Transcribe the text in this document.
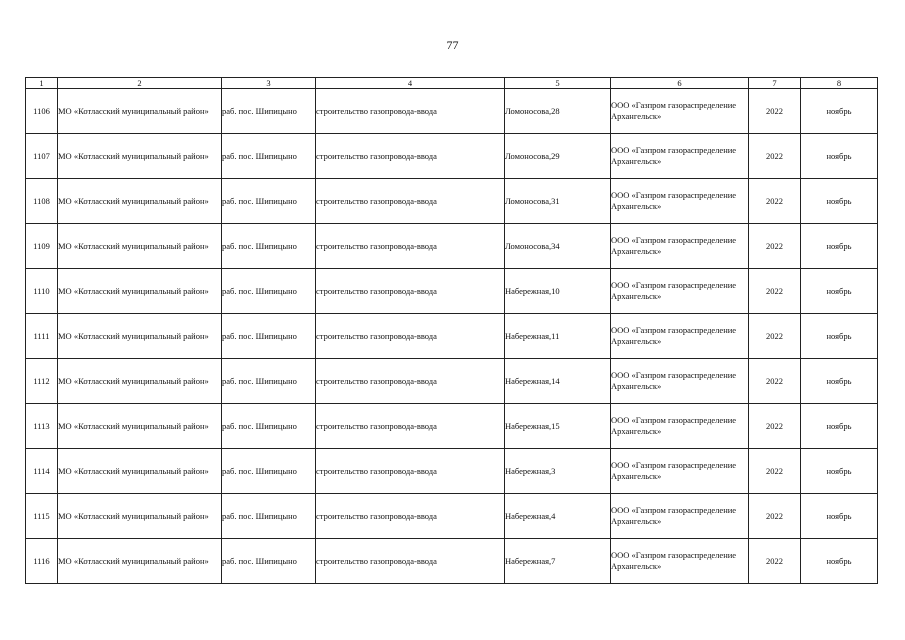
77
1	2	3	4	5	6	7	8
1106	МО «Котласский муниципальный район»	раб. пос. Шипицыно	строительство газопровода-ввода	Ломоносова,28	ООО «Газпром газораспределение Архангельск»	2022	ноябрь
1107	МО «Котласский муниципальный район»	раб. пос. Шипицыно	строительство газопровода-ввода	Ломоносова,29	ООО «Газпром газораспределение Архангельск»	2022	ноябрь
1108	МО «Котласский муниципальный район»	раб. пос. Шипицыно	строительство газопровода-ввода	Ломоносова,31	ООО «Газпром газораспределение Архангельск»	2022	ноябрь
1109	МО «Котласский муниципальный район»	раб. пос. Шипицыно	строительство газопровода-ввода	Ломоносова,34	ООО «Газпром газораспределение Архангельск»	2022	ноябрь
1110	МО «Котласский муниципальный район»	раб. пос. Шипицыно	строительство газопровода-ввода	Набережная,10	ООО «Газпром газораспределение Архангельск»	2022	ноябрь
1111	МО «Котласский муниципальный район»	раб. пос. Шипицыно	строительство газопровода-ввода	Набережная,11	ООО «Газпром газораспределение Архангельск»	2022	ноябрь
1112	МО «Котласский муниципальный район»	раб. пос. Шипицыно	строительство газопровода-ввода	Набережная,14	ООО «Газпром газораспределение Архангельск»	2022	ноябрь
1113	МО «Котласский муниципальный район»	раб. пос. Шипицыно	строительство газопровода-ввода	Набережная,15	ООО «Газпром газораспределение Архангельск»	2022	ноябрь
1114	МО «Котласский муниципальный район»	раб. пос. Шипицыно	строительство газопровода-ввода	Набережная,3	ООО «Газпром газораспределение Архангельск»	2022	ноябрь
1115	МО «Котласский муниципальный район»	раб. пос. Шипицыно	строительство газопровода-ввода	Набережная,4	ООО «Газпром газораспределение Архангельск»	2022	ноябрь
1116	МО «Котласский муниципальный район»	раб. пос. Шипицыно	строительство газопровода-ввода	Набережная,7	ООО «Газпром газораспределение Архангельск»	2022	ноябрь
